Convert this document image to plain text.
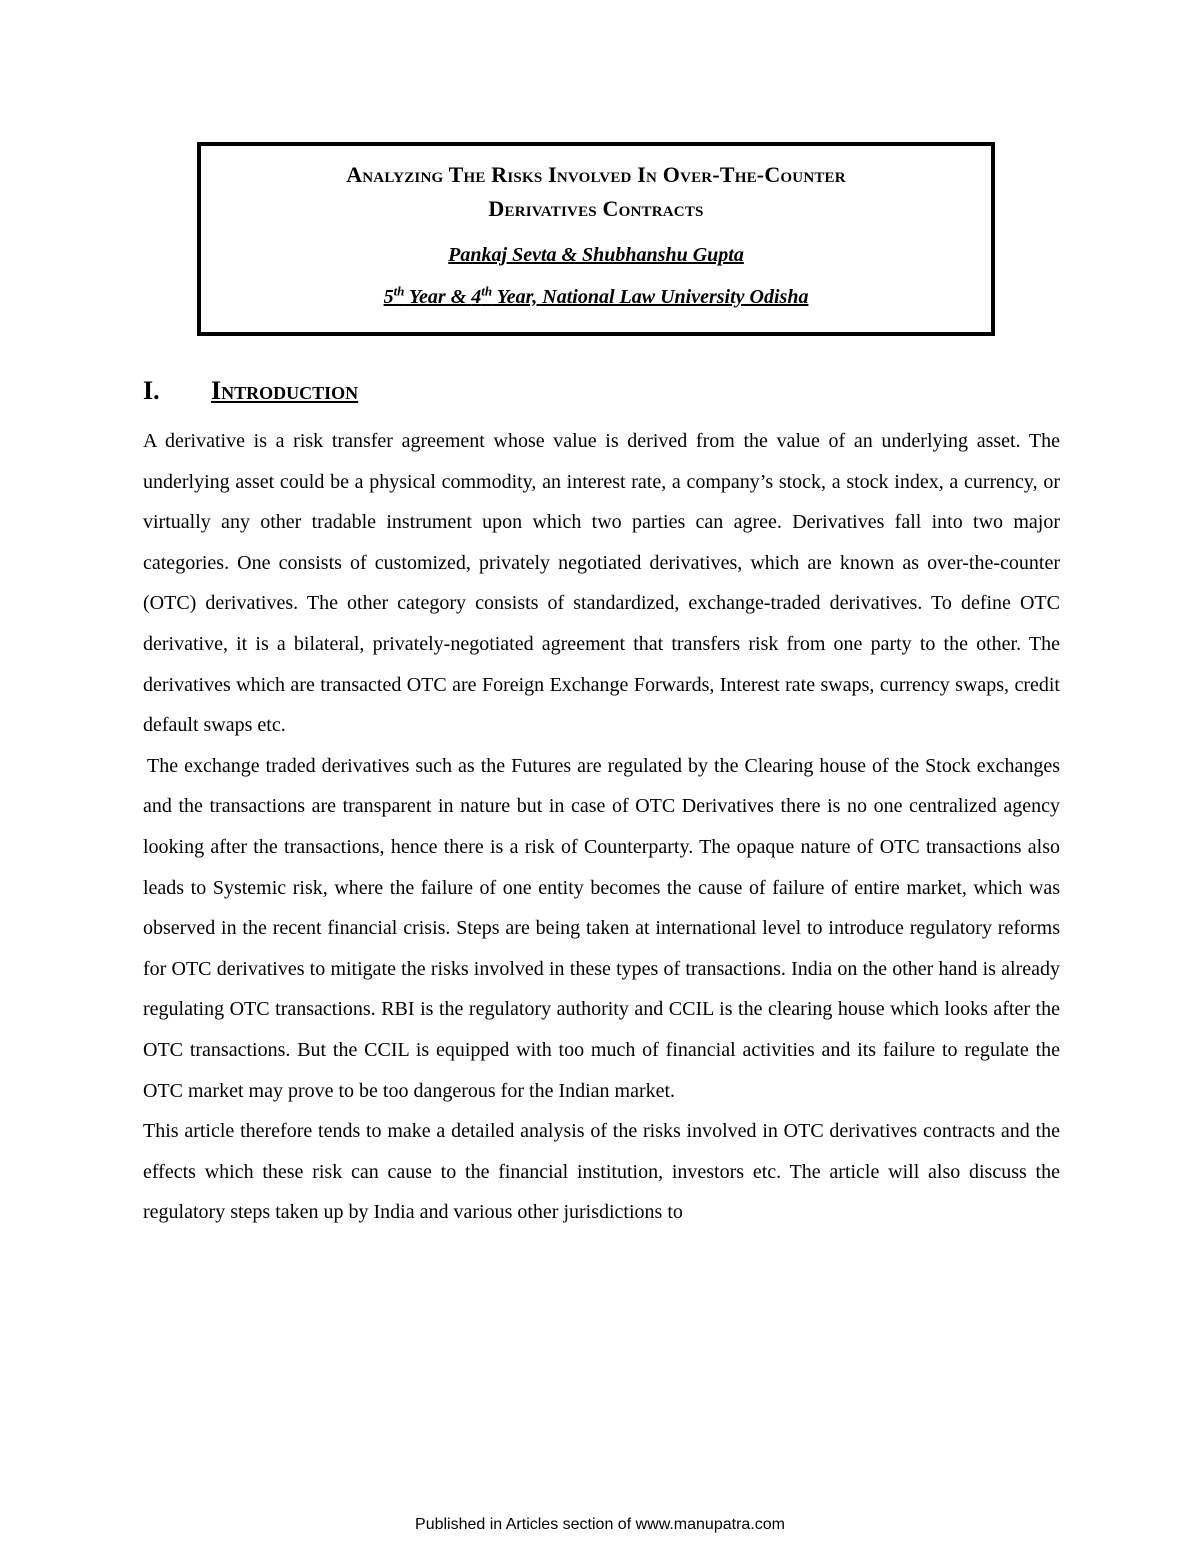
Analyzing The Risks Involved In Over-The-Counter
Derivatives Contracts
Pankaj Sevta & Shubhanshu Gupta
5th Year & 4th Year, National Law University Odisha
I.	Introduction

A derivative is a risk transfer agreement whose value is derived from the value of an underlying asset. The underlying asset could be a physical commodity, an interest rate, a company’s stock, a stock index, a currency, or virtually any other tradable instrument upon which two parties can agree. Derivatives fall into two major categories. One consists of customized, privately negotiated derivatives, which are known as over-the-counter (OTC) derivatives. The other category consists of standardized, exchange-traded derivatives. To define OTC derivative, it is a bilateral, privately-negotiated agreement that transfers risk from one party to the other. The derivatives which are transacted OTC are Foreign Exchange Forwards, Interest rate swaps, currency swaps, credit default swaps etc.

The exchange traded derivatives such as the Futures are regulated by the Clearing house of the Stock exchanges and the transactions are transparent in nature but in case of OTC Derivatives there is no one centralized agency looking after the transactions, hence there is a risk of Counterparty. The opaque nature of OTC transactions also leads to Systemic risk, where the failure of one entity becomes the cause of failure of entire market, which was observed in the recent financial crisis. Steps are being taken at international level to introduce regulatory reforms for OTC derivatives to mitigate the risks involved in these types of transactions. India on the other hand is already regulating OTC transactions. RBI is the regulatory authority and CCIL is the clearing house which looks after the OTC transactions. But the CCIL is equipped with too much of financial activities and its failure to regulate the OTC market may prove to be too dangerous for the Indian market.

This article therefore tends to make a detailed analysis of the risks involved in OTC derivatives contracts and the effects which these risk can cause to the financial institution, investors etc. The article will also discuss the regulatory steps taken up by India and various other jurisdictions to

Published in Articles section of www.manupatra.com
